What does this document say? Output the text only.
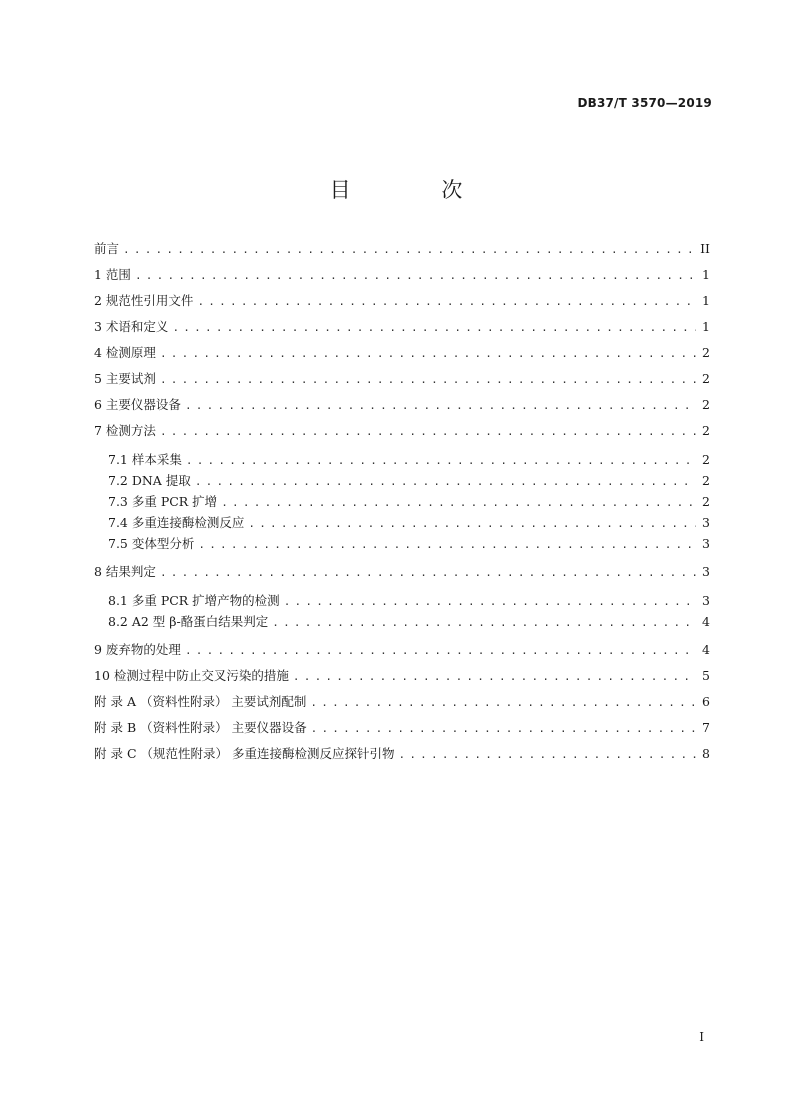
DB37/T 3570—2019
目 次
前言 . . .	II
1 范围 . . .	1
2 规范性引用文件 . . .	1
3 术语和定义 . . .	1
4 检测原理 . . .	2
5 主要试剂 . . .	2
6 主要仪器设备 . . .	2
7 检测方法 . . .	2
7.1 样本采集 . . .	2
7.2 DNA 提取 . . .	2
7.3 多重 PCR 扩增 . . .	2
7.4 多重连接酶检测反应 . . .	3
7.5 变体型分析 . . .	3
8 结果判定 . . .	3
8.1 多重 PCR 扩增产物的检测 . . .	3
8.2 A2 型 β-酪蛋白结果判定 . . .	4
9 废弃物的处理 . . .	4
10 检测过程中防止交叉污染的措施 . . .	5
附 录 A （资料性附录） 主要试剂配制 . . .	6
附 录 B （资料性附录） 主要仪器设备 . . .	7
附 录 C （规范性附录） 多重连接酶检测反应探针引物 . . .	8
I
